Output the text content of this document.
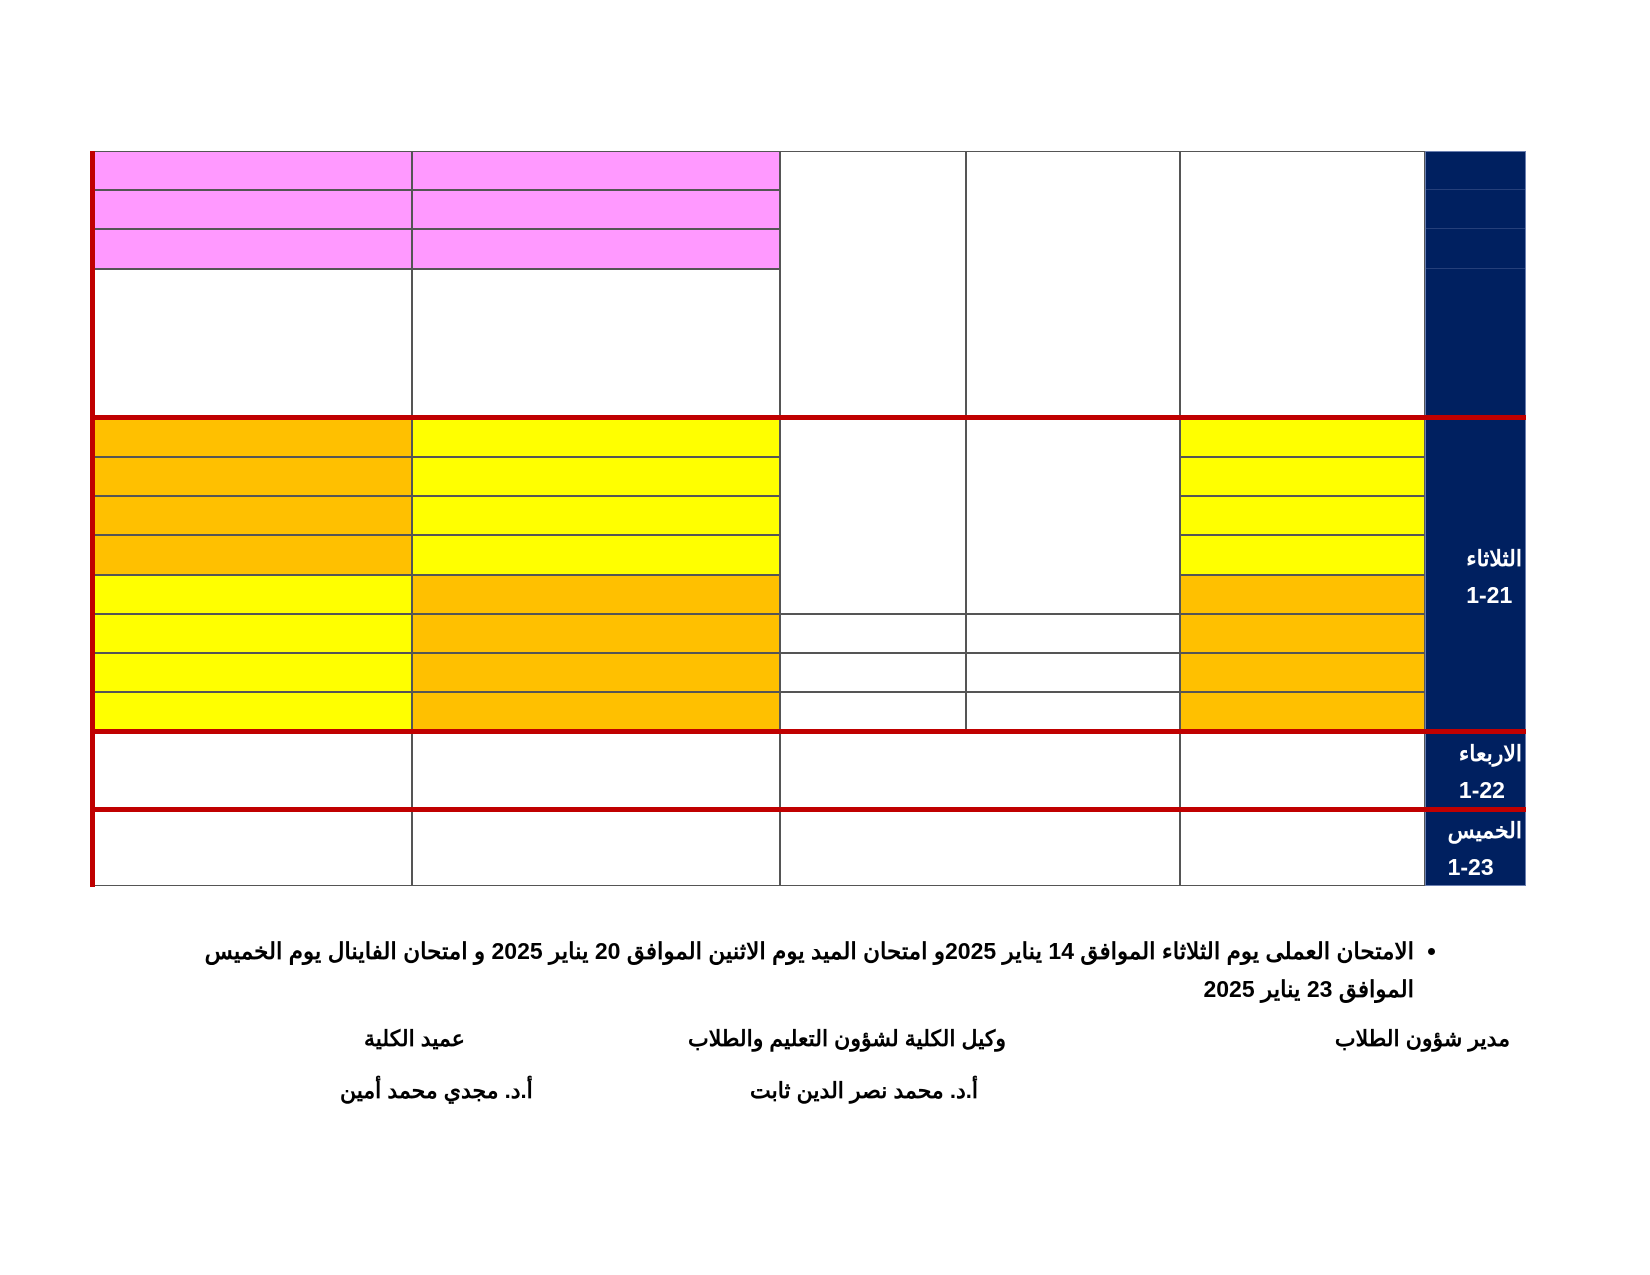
الثلاثاء
1-21
الاربعاء
1-22
الخميس
1-23
• الامتحان العملى يوم الثلاثاء الموافق 14 يناير 2025و امتحان الميد يوم الاثنين الموافق 20 يناير 2025 و امتحان الفاينال يوم الخميس الموافق 23 يناير 2025
مدير شؤون الطلاب
وكيل الكلية لشؤون التعليم والطلاب
أ.د. محمد نصر الدين ثابت
عميد الكلية
أ.د. مجدي محمد أمين
